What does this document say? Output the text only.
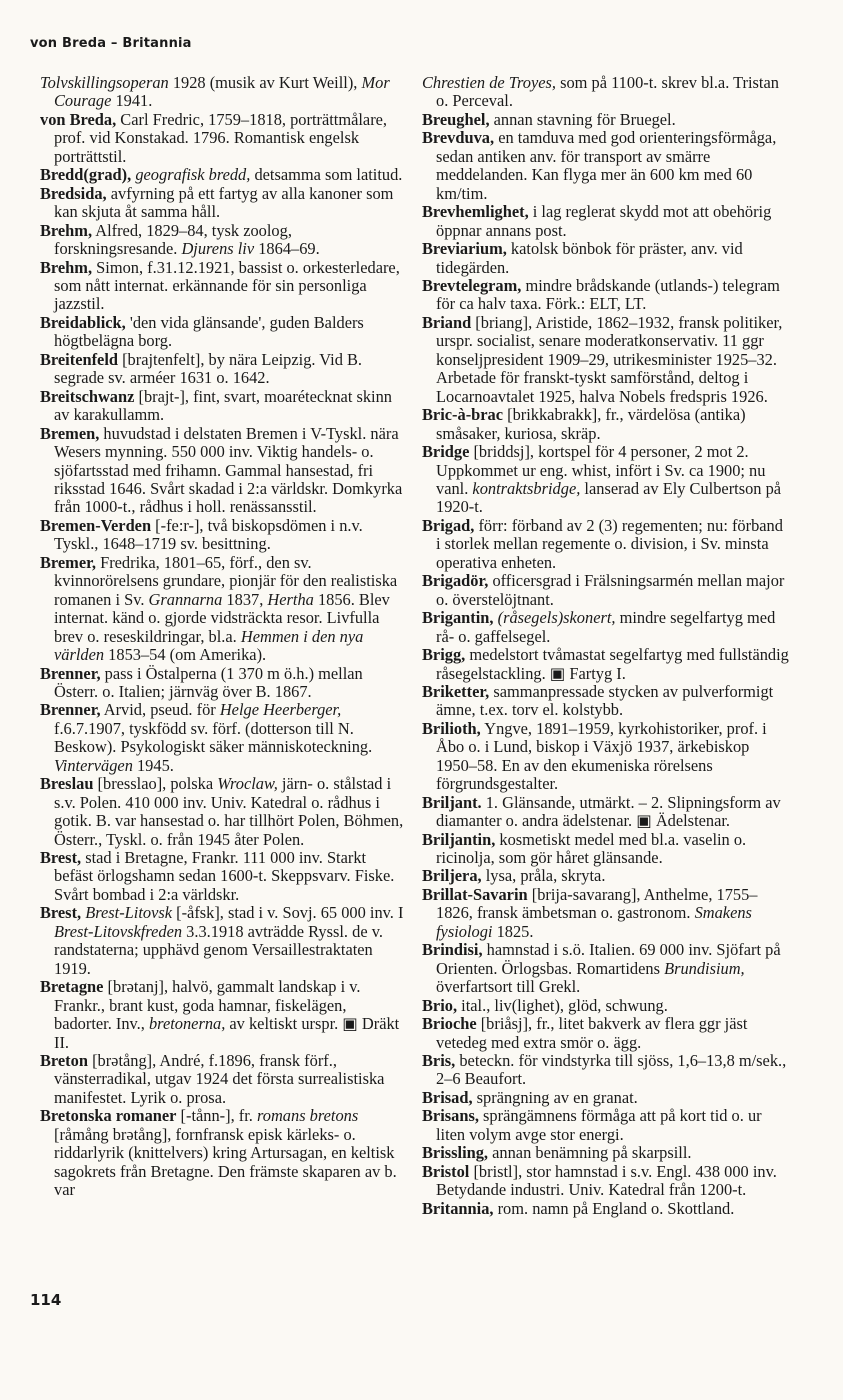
von Breda – Britannia

Tolvskillingsoperan 1928 (musik av Kurt Weill), Mor Courage 1941.

von Breda, Carl Fredric, 1759–1818, porträttmålare, prof. vid Konstakad. 1796. Romantisk engelsk porträttstil.

Bredd(grad), geografisk bredd, detsamma som latitud.

Bredsida, avfyrning på ett fartyg av alla kanoner som kan skjuta åt samma håll.

Brehm, Alfred, 1829–84, tysk zoolog, forskningsresande. Djurens liv 1864–69.

Brehm, Simon, f.31.12.1921, bassist o. orkesterledare, som nått internat. erkännande för sin personliga jazzstil.

Breidablick, 'den vida glänsande', guden Balders högtbelägna borg.

Breitenfeld [brajtenfelt], by nära Leipzig. Vid B. segrade sv. arméer 1631 o. 1642.

Breitschwanz [brajt-], fint, svart, moarétecknat skinn av karakullamm.

Bremen, huvudstad i delstaten Bremen i V-Tyskl. nära Wesers mynning. 550 000 inv. Viktig handels- o. sjöfartsstad med frihamn. Gammal hansestad, fri riksstad 1646. Svårt skadad i 2:a världskr. Domkyrka från 1000-t., rådhus i holl. renässansstil.

Bremen-Verden [-fe:r-], två biskopsdömen i n.v. Tyskl., 1648–1719 sv. besittning.

Bremer, Fredrika, 1801–65, förf., den sv. kvinnorörelsens grundare, pionjär för den realistiska romanen i Sv. Grannarna 1837, Hertha 1856. Blev internat. känd o. gjorde vidsträckta resor. Livfulla brev o. reseskildringar, bl.a. Hemmen i den nya världen 1853–54 (om Amerika).

Brenner, pass i Östalperna (1 370 m ö.h.) mellan Österr. o. Italien; järnväg över B. 1867.

Brenner, Arvid, pseud. för Helge Heerberger, f.6.7.1907, tyskfödd sv. förf. (dotterson till N. Beskow). Psykologiskt säker människoteckning. Vintervägen 1945.

Breslau [bresslao], polska Wroclaw, järn- o. stålstad i s.v. Polen. 410 000 inv. Univ. Katedral o. rådhus i gotik. B. var hansestad o. har tillhört Polen, Böhmen, Österr., Tyskl. o. från 1945 åter Polen.

Brest, stad i Bretagne, Frankr. 111 000 inv. Starkt befäst örlogshamn sedan 1600-t. Skeppsvarv. Fiske. Svårt bombad i 2:a världskr.

Brest, Brest-Litovsk [-åfsk], stad i v. Sovj. 65 000 inv. I Brest-Litovskfreden 3.3.1918 avträdde Ryssl. de v. randstaterna; upphävd genom Versaillestraktaten 1919.

Bretagne [brətanj], halvö, gammalt landskap i v. Frankr., brant kust, goda hamnar, fiskelägen, badorter. Inv., bretonerna, av keltiskt urspr. ▣ Dräkt II.

Breton [brətång], André, f.1896, fransk förf., vänsterradikal, utgav 1924 det första surrealistiska manifestet. Lyrik o. prosa.

Bretonska romaner [-tånn-], fr. romans bretons [råmång brətång], fornfransk episk kärleks- o. riddarlyrik (knittelvers) kring Artursagan, en keltisk sagokrets från Bretagne. Den främste skaparen av b. var

Chrestien de Troyes, som på 1100-t. skrev bl.a. Tristan o. Perceval.

Breughel, annan stavning för Bruegel.

Brevduva, en tamduva med god orienteringsförmåga, sedan antiken anv. för transport av smärre meddelanden. Kan flyga mer än 600 km med 60 km/tim.

Brevhemlighet, i lag reglerat skydd mot att obehörig öppnar annans post.

Breviarium, katolsk bönbok för präster, anv. vid tidegärden.

Brevtelegram, mindre brådskande (utlands-) telegram för ca halv taxa. Förk.: ELT, LT.

Briand [briang], Aristide, 1862–1932, fransk politiker, urspr. socialist, senare moderatkonservativ. 11 ggr konseljpresident 1909–29, utrikesminister 1925–32. Arbetade för franskt-tyskt samförstånd, deltog i Locarnoavtalet 1925, halva Nobels fredspris 1926.

Bric-à-brac [brikkabrakk], fr., värdelösa (antika) småsaker, kuriosa, skräp.

Bridge [briddsj], kortspel för 4 personer, 2 mot 2. Uppkommet ur eng. whist, infört i Sv. ca 1900; nu vanl. kontraktsbridge, lanserad av Ely Culbertson på 1920-t.

Brigad, förr: förband av 2 (3) regementen; nu: förband i storlek mellan regemente o. division, i Sv. minsta operativa enheten.

Brigadör, officersgrad i Frälsningsarmén mellan major o. överstelöjtnant.

Brigantin, (råsegels)skonert, mindre segelfartyg med rå- o. gaffelsegel.

Brigg, medelstort tvåmastat segelfartyg med fullständig råsegelstackling. ▣ Fartyg I.

Briketter, sammanpressade stycken av pulverformigt ämne, t.ex. torv el. kolstybb.

Brilioth, Yngve, 1891–1959, kyrkohistoriker, prof. i Åbo o. i Lund, biskop i Växjö 1937, ärkebiskop 1950–58. En av den ekumeniska rörelsens förgrundsgestalter.

Briljant. 1. Glänsande, utmärkt. – 2. Slipningsform av diamanter o. andra ädelstenar. ▣ Ädelstenar.

Briljantin, kosmetiskt medel med bl.a. vaselin o. ricinolja, som gör håret glänsande.

Briljera, lysa, pråla, skryta.

Brillat-Savarin [brija-savarang], Anthelme, 1755–1826, fransk ämbetsman o. gastronom. Smakens fysiologi 1825.

Brindisi, hamnstad i s.ö. Italien. 69 000 inv. Sjöfart på Orienten. Örlogsbas. Romartidens Brundisium, överfartsort till Grekl.

Brio, ital., liv(lighet), glöd, schwung.

Brioche [briåsj], fr., litet bakverk av flera ggr jäst vetedeg med extra smör o. ägg.

Bris, beteckn. för vindstyrka till sjöss, 1,6–13,8 m/sek., 2–6 Beaufort.

Brisad, sprängning av en granat.

Brisans, sprängämnens förmåga att på kort tid o. ur liten volym avge stor energi.

Brissling, annan benämning på skarpsill.

Bristol [bristl], stor hamnstad i s.v. Engl. 438 000 inv. Betydande industri. Univ. Katedral från 1200-t.

Britannia, rom. namn på England o. Skottland.

114
